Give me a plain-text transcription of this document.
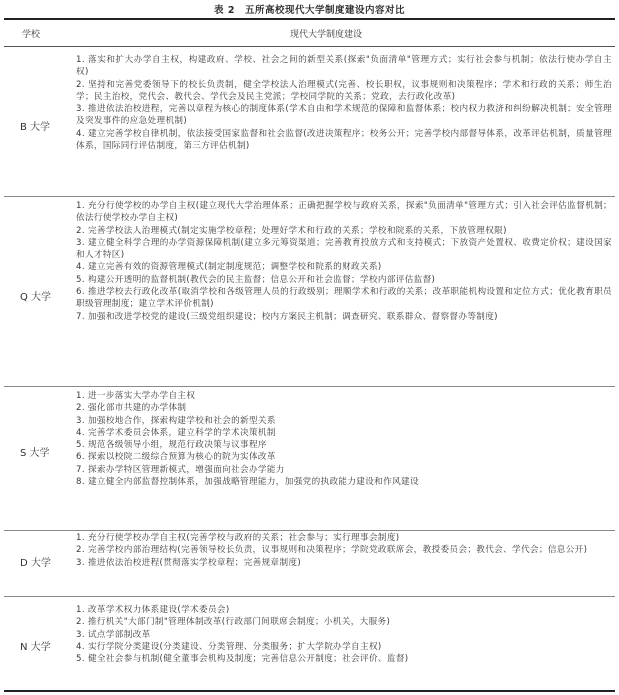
表 2　五所高校现代大学制度建设内容对比
学校	现代大学制度建设
B 大学
1. 落实和扩大办学自主权，构建政府、学校、社会之间的新型关系(探索"负面清单"管理方式；实行社会参与机制；依法行使办学自主权)
2. 坚持和完善党委领导下的校长负责制，健全学校法人治理模式(完善、校长职权，议事规则和决策程序；学术和行政的关系；师生治学；民主治校，党代会、教代会、学代会及民主党派；学校同学院的关系；党政，去行政化改革)
3. 推进依法治校进程，完善以章程为核心的制度体系(学术自由和学术规范的保障和监督体系；校内权力救济和纠纷解决机制；安全管理及突发事件的应急处理机制)
4. 建立完善学校自律机制，依法接受国家监督和社会监督(改进决策程序；校务公开；完善学校内部督导体系，改革评估机制，质量管理体系，国际同行评估制度，第三方评估机制)
Q 大学
1. 充分行使学校的办学自主权(建立现代大学治理体系；正确把握学校与政府关系，探索"负面清单"管理方式；引入社会评估监督机制；依法行使学校办学自主权)
2. 完善学校法人治理模式(制定实施学校章程；处理好学术和行政的关系；学校和院系的关系，下放管理权限)
3. 建立健全科学合理的办学资源保障机制(建立多元筹资渠道；完善教育投放方式和支持模式；下放资产处置权、收费定价权；建设国家和人才特区)
4. 建立完善有效的资源管理模式(制定制度规范；调整学校和院系的财政关系)
5. 构建公开透明的监督机制(教代会的民主监督；信息公开和社会监督；学校内部评估监督)
6. 推进学校去行政化改革(取消学校和各级管理人员的行政级别；理顺学术和行政的关系；改革职能机构设置和定位方式；优化教育职员职级管理制度；建立学术评价机制)
7. 加强和改进学校党的建设(三级党组织建设；校内方案民主机制；调查研究、联系群众、督察督办等制度)
S 大学
1. 进一步落实大学办学自主权
2. 强化部市共建的办学体制
3. 加强校地合作，探索构建学校和社会的新型关系
4. 完善学术委员会体系，建立科学的学术决策机制
5. 规范各级领导小组，规范行政决策与议事程序
6. 探索以校院二级综合预算为核心的院为实体改革
7. 探索办学特区管理新模式，增强面向社会办学能力
8. 建立健全内部监督控制体系，加强战略管理能力，加强党的执政能力建设和作风建设
D 大学
1. 充分行使学校办学自主权(完善学校与政府的关系；社会参与；实行理事会制度)
2. 完善学校内部治理结构(完善领导校长负责，议事规则和决策程序；学院党政联席会，教授委员会；教代会、学代会；信息公开)
3. 推进依法治校进程(贯彻落实学校章程；完善规章制度)
N 大学
1. 改革学术权力体系建设(学术委员会)
2. 推行机关"大部门制"管理体制改革(行政部门间联席会制度；小机关，大服务)
3. 试点学部制改革
4. 实行学院分类建设(分类建设、分类管理、分类服务；扩大学院办学自主权)
5. 健全社会参与机制(健全董事会机构及制度；完善信息公开制度；社会评价、监督)
